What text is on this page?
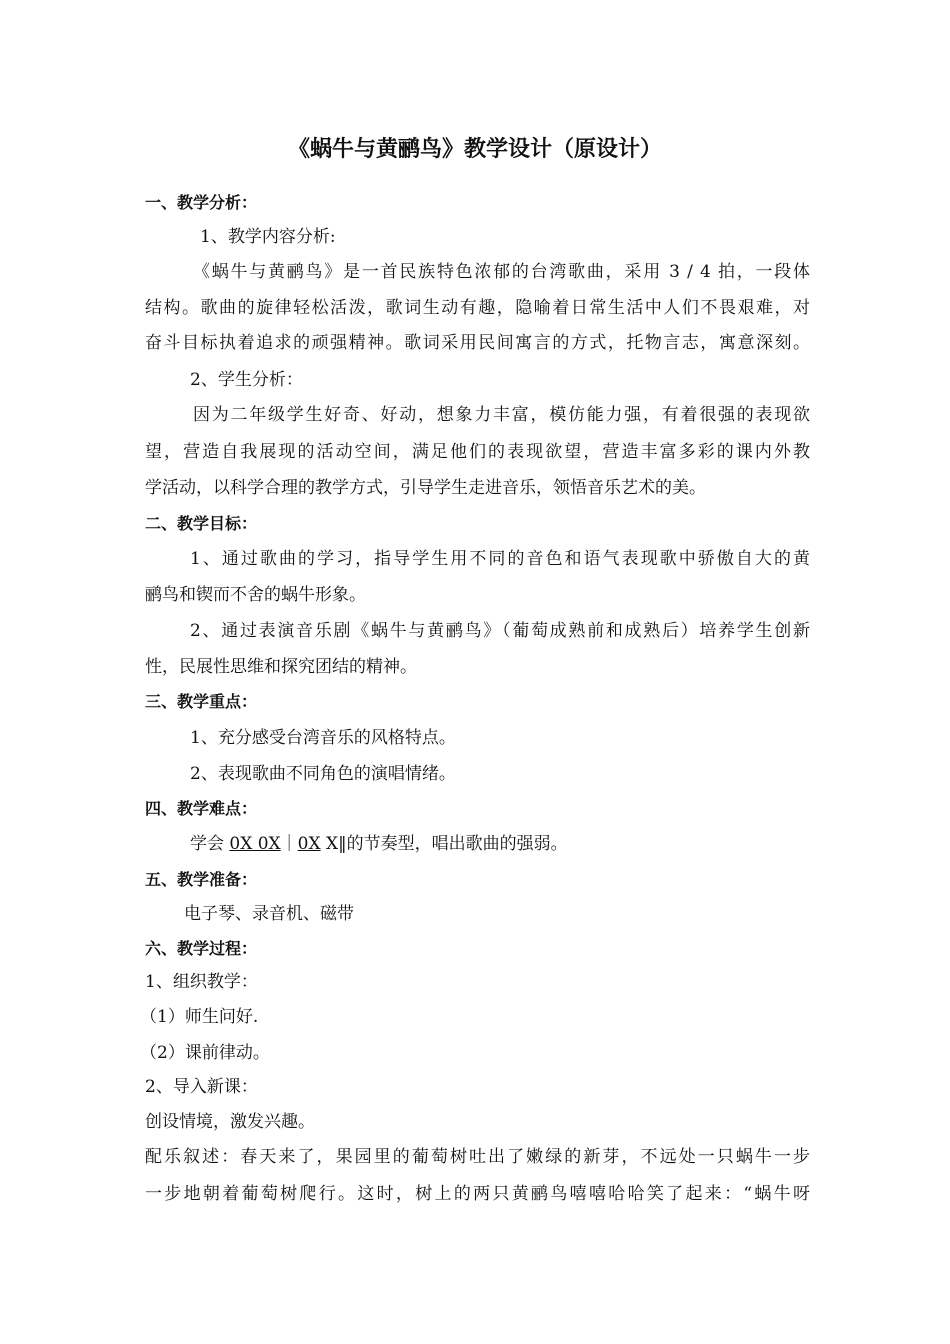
《蜗牛与黄鹂鸟》教学设计（原设计）
一、教学分析：
1、教学内容分析:
《蜗牛与黄鹂鸟》是一首民族特色浓郁的台湾歌曲，采用 3 / 4 拍，一段体
结构。歌曲的旋律轻松活泼，歌词生动有趣，隐喻着日常生活中人们不畏艰难，对
奋斗目标执着追求的顽强精神。歌词采用民间寓言的方式，托物言志，寓意深刻。
2、学生分析：
因为二年级学生好奇、好动，想象力丰富，模仿能力强，有着很强的表现欲
望，营造自我展现的活动空间，满足他们的表现欲望，营造丰富多彩的课内外教
学活动，以科学合理的教学方式，引导学生走进音乐，领悟音乐艺术的美。
二、教学目标：
1、通过歌曲的学习，指导学生用不同的音色和语气表现歌中骄傲自大的黄
鹂鸟和锲而不舍的蜗牛形象。
2、通过表演音乐剧《蜗牛与黄鹂鸟》（葡萄成熟前和成熟后）培养学生创新
性，民展性思维和探究团结的精神。
三、教学重点：
1、充分感受台湾音乐的风格特点。
2、表现歌曲不同角色的演唱情绪。
四、教学难点：
学会 0X 0X｜0X X‖的节奏型，唱出歌曲的强弱。
五、教学准备：
电子琴、录音机、磁带
六、教学过程：
1、组织教学：
（1）师生问好.
（2）课前律动。
2、导入新课：
创设情境，激发兴趣。
配乐叙述：春天来了，果园里的葡萄树吐出了嫩绿的新芽，不远处一只蜗牛一步
一步地朝着葡萄树爬行。这时，树上的两只黄鹂鸟嘻嘻哈哈笑了起来：“蜗牛呀
